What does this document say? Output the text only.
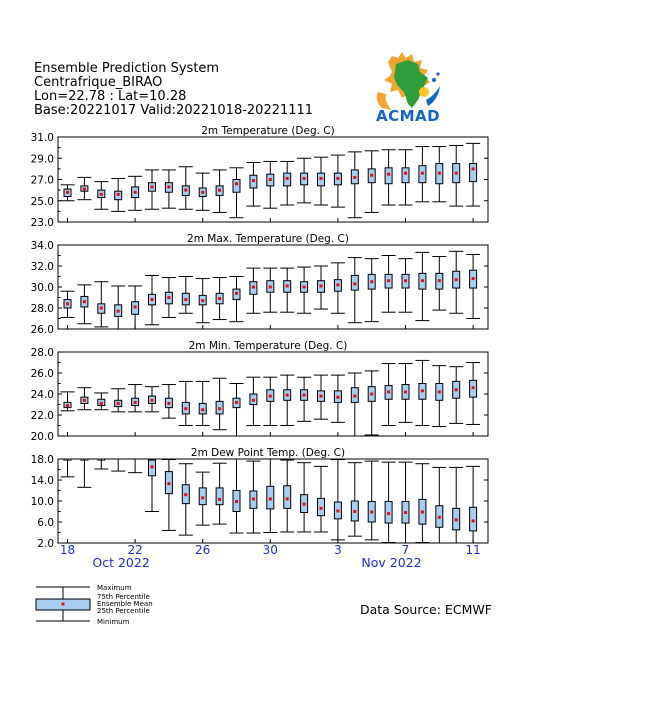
Ensemble Prediction System
Centrafrique_BIRAO
Lon=22.78 : Lat=10.28
Base:20221017 Valid:20221018-20221111	ACMAD
2m Temperature (Deg. C)
23.0
25.0
27.0
29.0
31.0
2m Max. Temperature (Deg. C)
26.0
28.0
30.0
32.0
34.0
2m Min. Temperature (Deg. C)
20.0
22.0
24.0
26.0
28.0
2m Dew Point Temp. (Deg. C)
2.0
6.0
10.0
14.0
18.0
18	22	26	30	3	7	11
Oct 2022	Nov 2022
Maximum
75th Percentile
Ensemble Mean
25th Percentile
Minimum
Data Source: ECMWF
